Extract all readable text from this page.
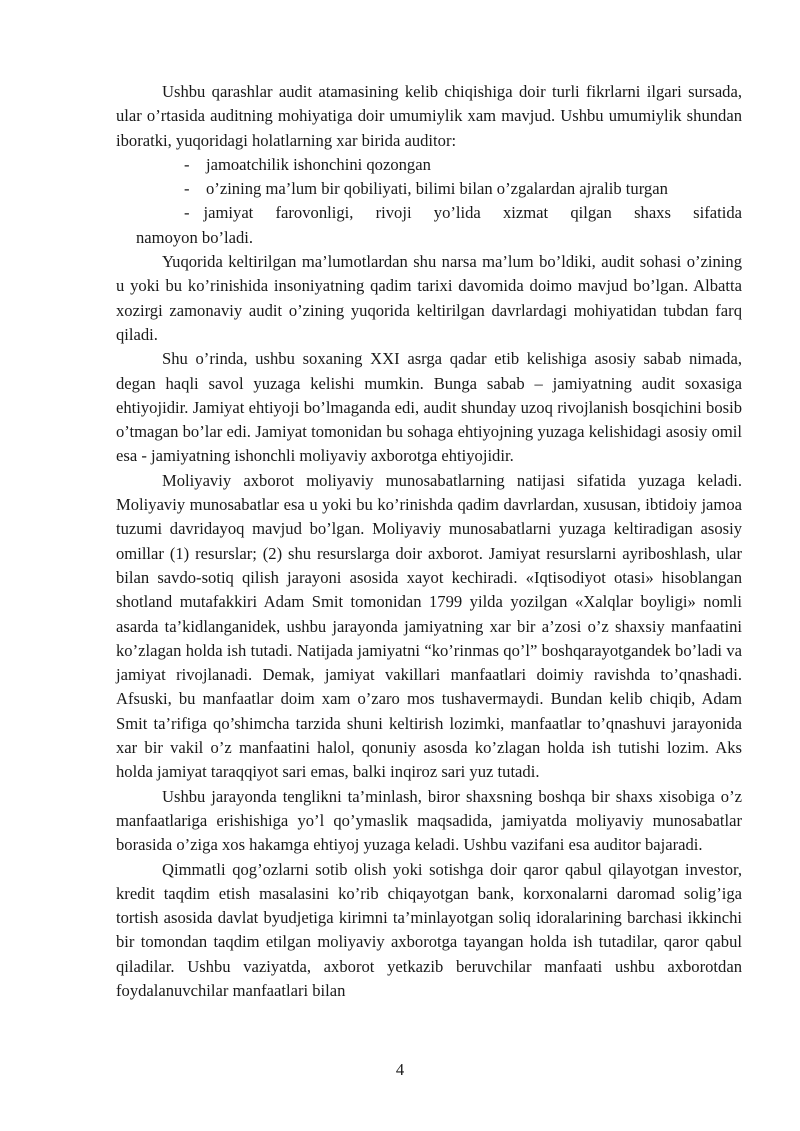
Ushbu qarashlar audit atamasining kelib chiqishiga doir turli fikrlarni ilgari sursada, ular o’rtasida auditning mohiyatiga doir umumiylik xam mavjud. Ushbu umumiylik shundan iboratki, yuqoridagi holatlarning xar birida auditor:

- jamoatchilik ishonchini qozongan
- o’zining ma’lum bir qobiliyati, bilimi bilan o’zgalardan ajralib turgan
- jamiyat farovonligi, rivoji yo’lida xizmat qilgan shaxs sifatida

namoyon bo’ladi.

Yuqorida keltirilgan ma’lumotlardan shu narsa ma’lum bo’ldiki, audit sohasi o’zining u yoki bu ko’rinishida insoniyatning qadim tarixi davomida doimo mavjud bo’lgan. Albatta xozirgi zamonaviy audit o’zining yuqorida keltirilgan davrlardagi mohiyatidan tubdan farq qiladi.

Shu o’rinda, ushbu soxaning XXI asrga qadar etib kelishiga asosiy sabab nimada, degan haqli savol yuzaga kelishi mumkin. Bunga sabab – jamiyatning audit soxasiga ehtiyojidir. Jamiyat ehtiyoji bo’lmaganda edi, audit shunday uzoq rivojlanish bosqichini bosib o’tmagan bo’lar edi. Jamiyat tomonidan bu sohaga ehtiyojning yuzaga kelishidagi asosiy omil esa - jamiyatning ishonchli moliyaviy axborotga ehtiyojidir.

Moliyaviy axborot moliyaviy munosabatlarning natijasi sifatida yuzaga keladi. Moliyaviy munosabatlar esa u yoki bu ko’rinishda qadim davrlardan, xususan, ibtidoiy jamoa tuzumi davridayoq mavjud bo’lgan. Moliyaviy munosabatlarni yuzaga keltiradigan asosiy omillar (1) resurslar; (2) shu resurslarga doir axborot. Jamiyat resurslarni ayriboshlash, ular bilan savdo-sotiq qilish jarayoni asosida xayot kechiradi. «Iqtisodiyot otasi» hisoblangan shotland mutafakkiri Adam Smit tomonidan 1799 yilda yozilgan «Xalqlar boyligi» nomli asarda ta’kidlanganidek, ushbu jarayonda jamiyatning xar bir a’zosi o’z shaxsiy manfaatini ko’zlagan holda ish tutadi. Natijada jamiyatni “ko’rinmas qo’l” boshqarayotgandek bo’ladi va jamiyat rivojlanadi. Demak, jamiyat vakillari manfaatlari doimiy ravishda to’qnashadi. Afsuski, bu manfaatlar doim xam o’zaro mos tushavermaydi. Bundan kelib chiqib, Adam Smit ta’rifiga qo’shimcha tarzida shuni keltirish lozimki, manfaatlar to’qnashuvi jarayonida xar bir vakil o’z manfaatini halol, qonuniy asosda ko’zlagan holda ish tutishi lozim. Aks holda jamiyat taraqqiyot sari emas, balki inqiroz sari yuz tutadi.

Ushbu jarayonda tenglikni ta’minlash, biror shaxsning boshqa bir shaxs xisobiga o’z manfaatlariga erishishiga yo’l qo’ymaslik maqsadida, jamiyatda moliyaviy munosabatlar borasida o’ziga xos hakamga ehtiyoj yuzaga keladi. Ushbu vazifani esa auditor bajaradi.

Qimmatli qog’ozlarni sotib olish yoki sotishga doir qaror qabul qilayotgan investor, kredit taqdim etish masalasini ko’rib chiqayotgan bank, korxonalarni daromad solig’iga tortish asosida davlat byudjetiga kirimni ta’minlayotgan soliq idoralarining barchasi ikkinchi bir tomondan taqdim etilgan moliyaviy axborotga tayangan holda ish tutadilar, qaror qabul qiladilar. Ushbu vaziyatda, axborot yetkazib beruvchilar manfaati ushbu axborotdan foydalanuvchilar manfaatlari bilan

4
